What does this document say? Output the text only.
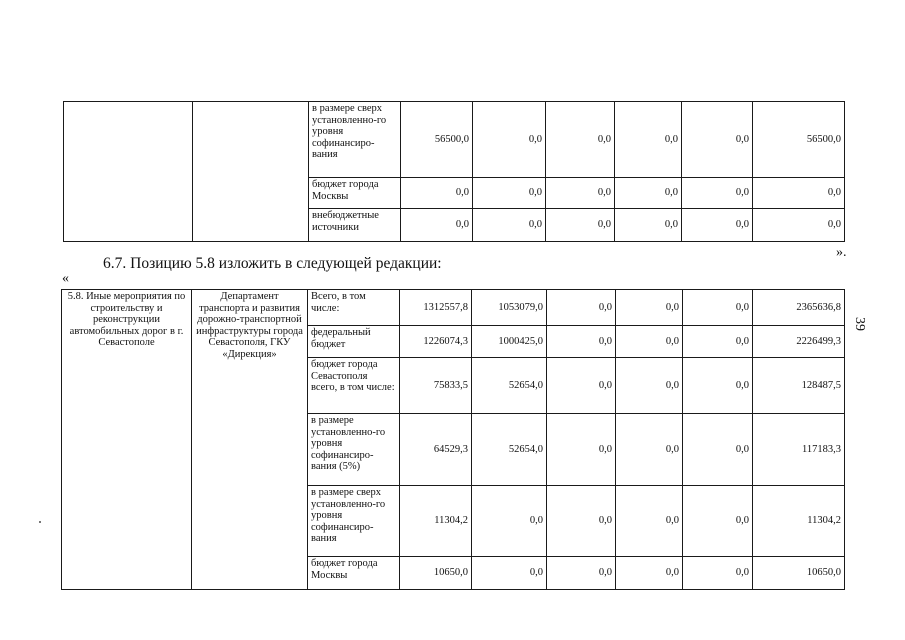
		в размере сверх установленно-го уровня софинансиро-вания	56500,0	0,0	0,0	0,0	0,0	56500,0
		бюджет города Москвы	0,0	0,0	0,0	0,0	0,0	0,0
		внебюджетные источники	0,0	0,0	0,0	0,0	0,0	0,0
».
6.7. Позицию 5.8 изложить в следующей редакции:
«
39
5.8. Иные мероприятия по строительству и реконструкции автомобильных дорог в г. Севастополе	Департамент транспорта и развития дорожно-транспортной инфраструктуры города Севастополя, ГКУ «Дирекция»	Всего, в том числе:	1312557,8	1053079,0	0,0	0,0	0,0	2365636,8
		федеральный бюджет	1226074,3	1000425,0	0,0	0,0	0,0	2226499,3
		бюджет города Севастополя всего, в том числе:	75833,5	52654,0	0,0	0,0	0,0	128487,5
		в размере установленно-го уровня софинансиро-вания (5%)	64529,3	52654,0	0,0	0,0	0,0	117183,3
		в размере сверх установленно-го уровня софинансиро-вания	11304,2	0,0	0,0	0,0	0,0	11304,2
		бюджет города Москвы	10650,0	0,0	0,0	0,0	0,0	10650,0
